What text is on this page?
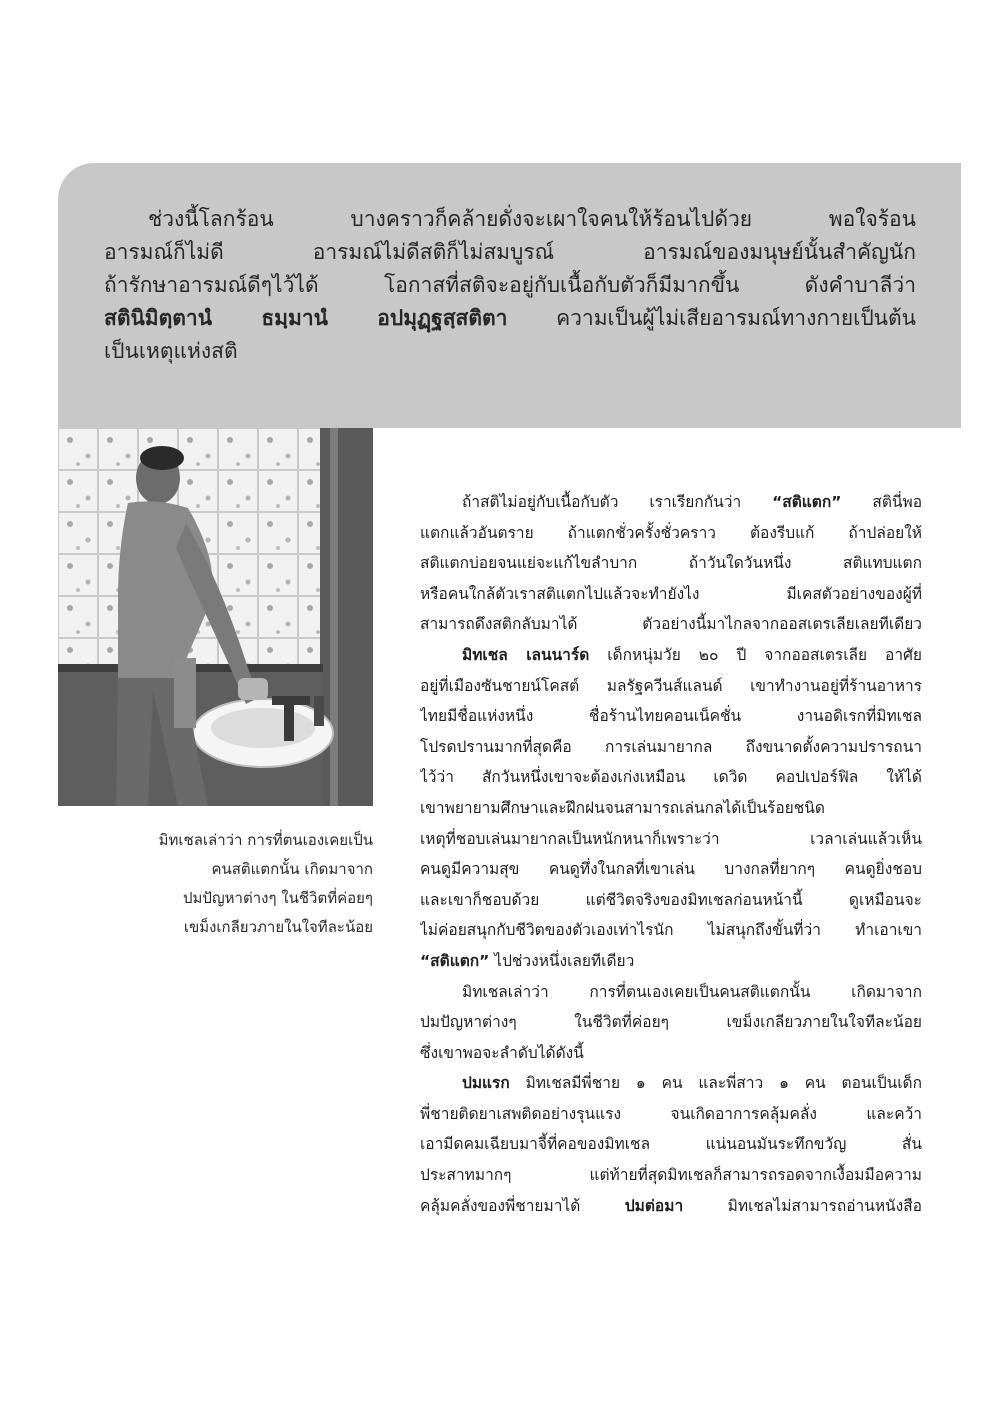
ช่วงนี้โลกร้อน บางคราวก็คล้ายดั่งจะเผาใจคนให้ร้อนไปด้วย พอใจร้อน
อารมณ์ก็ไม่ดี อารมณ์ไม่ดีสติก็ไม่สมบูรณ์ อารมณ์ของมนุษย์นั้นสำคัญนัก
ถ้ารักษาอารมณ์ดีๆไว้ได้ โอกาสที่สติจะอยู่กับเนื้อกับตัวก็มีมากขึ้น ดังคำบาลีว่า
สตินิมิตฺตานํ ธมฺมานํ อปมุฏฺฐสฺสติตา ความเป็นผู้ไม่เสียอารมณ์ทางกายเป็นต้น
เป็นเหตุแห่งสติ
มิทเชลเล่าว่า การที่ตนเองเคยเป็น
คนสติแตกนั้น เกิดมาจาก
ปมปัญหาต่างๆ ในชีวิตที่ค่อยๆ
เขม็งเกลียวภายในใจทีละน้อย
ถ้าสติไม่อยู่กับเนื้อกับตัว เราเรียกกันว่า “สติแตก” สตินี่พอ
แตกแล้วอันตราย ถ้าแตกชั่วครั้งชั่วคราว ต้องรีบแก้ ถ้าปล่อยให้
สติแตกบ่อยจนแย่จะแก้ไขลำบาก ถ้าวันใดวันหนึ่ง สติแทบแตก
หรือคนใกล้ตัวเราสติแตกไปแล้วจะทำยังไง มีเคสตัวอย่างของผู้ที่
สามารถดึงสติกลับมาได้ ตัวอย่างนี้มาไกลจากออสเตรเลียเลยทีเดียว
มิทเชล เลนนาร์ด เด็กหนุ่มวัย ๒๐ ปี จากออสเตรเลีย อาศัย
อยู่ที่เมืองซันชายน์โคสต์ มลรัฐควีนส์แลนด์ เขาทำงานอยู่ที่ร้านอาหาร
ไทยมีชื่อแห่งหนึ่ง ชื่อร้านไทยคอนเน็คชั่น งานอดิเรกที่มิทเชล
โปรดปรานมากที่สุดคือ การเล่นมายากล ถึงขนาดตั้งความปรารถนา
ไว้ว่า สักวันหนึ่งเขาจะต้องเก่งเหมือน เดวิด คอปเปอร์ฟิล ให้ได้
เขาพยายามศึกษาและฝึกฝนจนสามารถเล่นกลได้เป็นร้อยชนิด
เหตุที่ชอบเล่นมายากลเป็นหนักหนาก็เพราะว่า เวลาเล่นแล้วเห็น
คนดูมีความสุข คนดูทึ่งในกลที่เขาเล่น บางกลที่ยากๆ คนดูยิ่งชอบ
และเขาก็ชอบด้วย แต่ชีวิตจริงของมิทเชลก่อนหน้านี้ ดูเหมือนจะ
ไม่ค่อยสนุกกับชีวิตของตัวเองเท่าไรนัก ไม่สนุกถึงขั้นที่ว่า ทำเอาเขา
“สติแตก” ไปช่วงหนึ่งเลยทีเดียว
มิทเชลเล่าว่า การที่ตนเองเคยเป็นคนสติแตกนั้น เกิดมาจาก
ปมปัญหาต่างๆ ในชีวิตที่ค่อยๆ เขม็งเกลียวภายในใจทีละน้อย
ซึ่งเขาพอจะลำดับได้ดังนี้
ปมแรก มิทเชลมีพี่ชาย ๑ คน และพี่สาว ๑ คน ตอนเป็นเด็ก
พี่ชายติดยาเสพติดอย่างรุนแรง จนเกิดอาการคลุ้มคลั่ง และคว้า
เอามีดคมเฉียบมาจี้ที่คอของมิทเชล แน่นอนมันระทึกขวัญ สั่น
ประสาทมากๆ แต่ท้ายที่สุดมิทเชลก็สามารถรอดจากเงื้อมมือความ
คลุ้มคลั่งของพี่ชายมาได้ ปมต่อมา มิทเชลไม่สามารถอ่านหนังสือ
